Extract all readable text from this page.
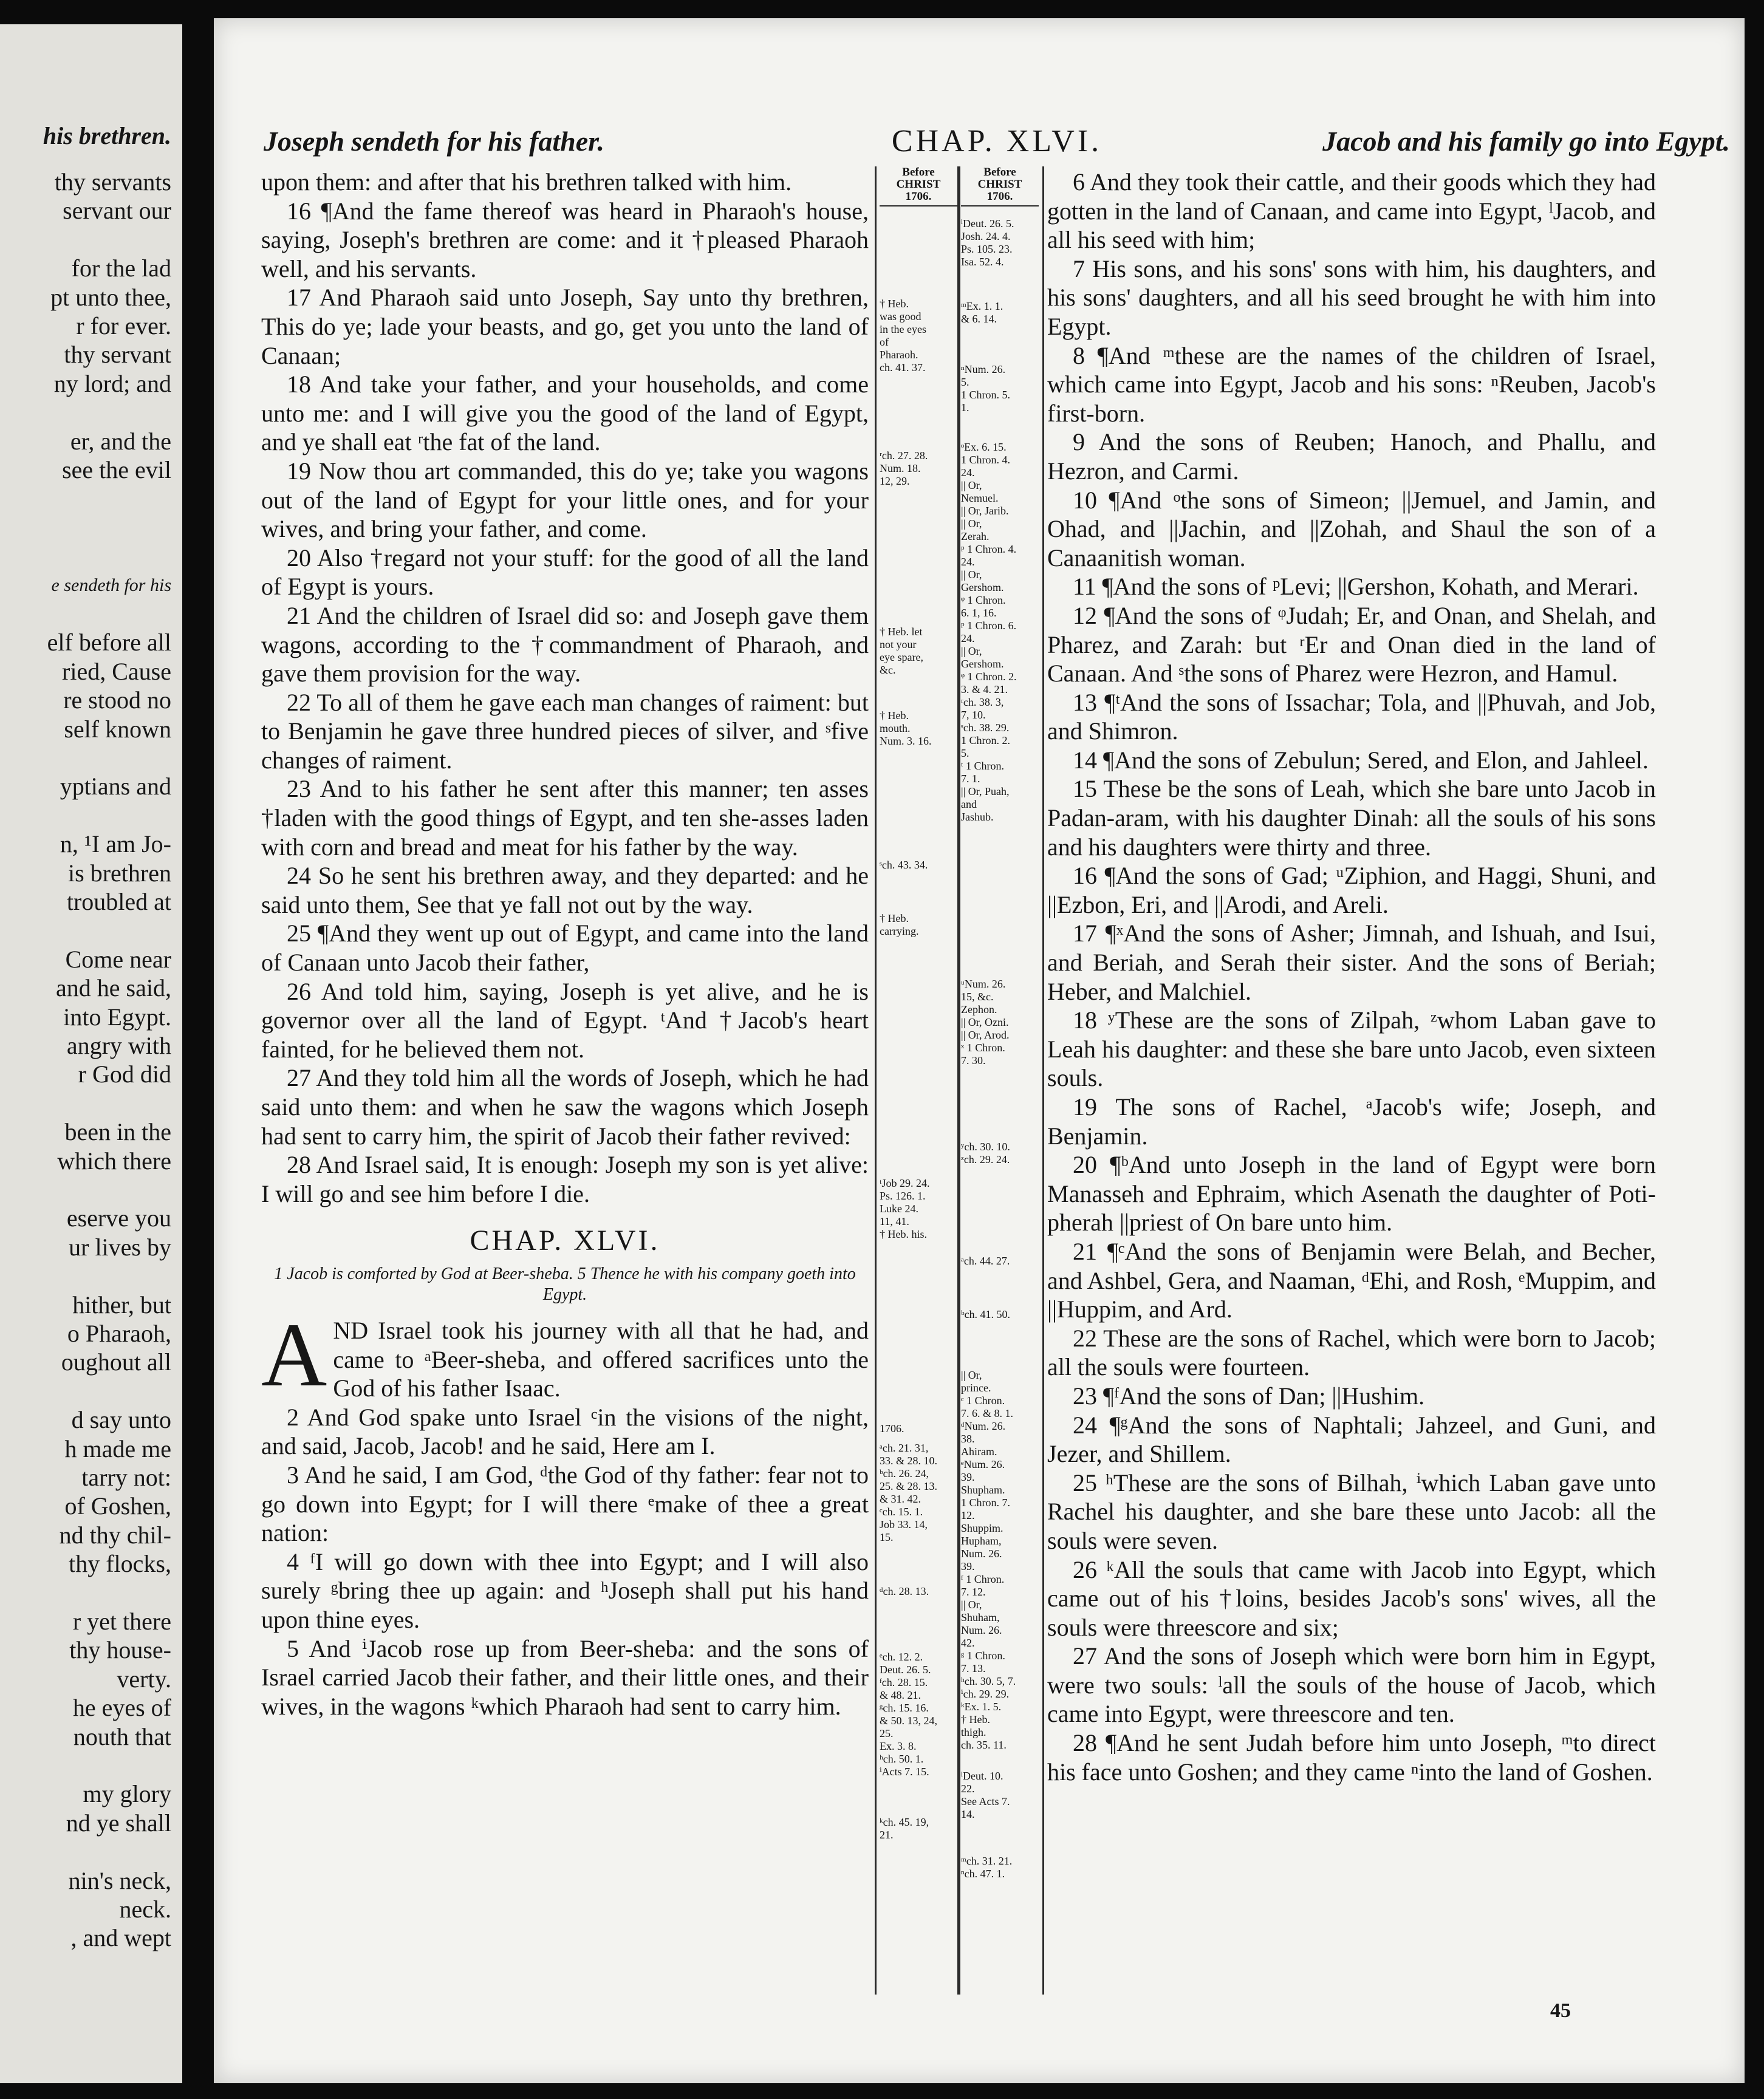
his brethren.
thy servants
servant our
for the lad
pt unto thee,
r for ever.
thy servant
ny lord; and
er, and the
see the evil
e sendeth for his
elf before all
ried, Cause
re stood no
self known
yptians and
n, ¹I am Jo-
is brethren
troubled at
Come near
and he said,
into Egypt.
angry with
r God did
been in the
which there
eserve you
ur lives by
hither, but
o Pharaoh,
oughout all
d say unto
h made me
tarry not:
of Goshen,
nd thy chil-
thy flocks,
r yet there
thy house-
verty.
he eyes of
nouth that
my glory
nd ye shall
nin's neck,
neck.
, and wept
Joseph sendeth for his father.	CHAP. XLVI.	Jacob and his family go into Egypt.

upon them: and after that his brethren talked with him.

16 ¶And the fame thereof was heard in Pharaoh's house, saying, Joseph's brethren are come: and it †pleased Pharaoh well, and his servants.

17 And Pharaoh said unto Joseph, Say unto thy brethren, This do ye; lade your beasts, and go, get you unto the land of Canaan;

18 And take your father, and your households, and come unto me: and I will give you the good of the land of Egypt, and ye shall eat ʳthe fat of the land.

19 Now thou art commanded, this do ye; take you wagons out of the land of Egypt for your little ones, and for your wives, and bring your father, and come.

20 Also †regard not your stuff: for the good of all the land of Egypt is yours.

21 And the children of Israel did so: and Joseph gave them wagons, according to the †commandment of Pharaoh, and gave them provision for the way.

22 To all of them he gave each man changes of raiment: but to Benjamin he gave three hundred pieces of silver, and ˢfive changes of raiment.

23 And to his father he sent after this manner; ten asses †laden with the good things of Egypt, and ten she-asses laden with corn and bread and meat for his father by the way.

24 So he sent his brethren away, and they departed: and he said unto them, See that ye fall not out by the way.

25 ¶And they went up out of Egypt, and came into the land of Canaan unto Jacob their father,

26 And told him, saying, Joseph is yet alive, and he is governor over all the land of Egypt. ᵗAnd †Jacob's heart fainted, for he believed them not.

27 And they told him all the words of Joseph, which he had said unto them: and when he saw the wagons which Joseph had sent to carry him, the spirit of Jacob their father revived:

28 And Israel said, It is enough: Joseph my son is yet alive: I will go and see him before I die.

CHAP. XLVI.
1 Jacob is comforted by God at Beer-sheba. 5 Thence he with his company goeth into Egypt.

AND Israel took his journey with all that he had, and came to ᵃBeer-sheba, and offered sacrifices unto the God of his father Isaac.

2 And God spake unto Israel ᶜin the visions of the night, and said, Jacob, Jacob! and he said, Here am I.

3 And he said, I am God, ᵈthe God of thy father: fear not to go down into Egypt; for I will there ᵉmake of thee a great nation:

4 ᶠI will go down with thee into Egypt; and I will also surely ᵍbring thee up again: and ʰJoseph shall put his hand upon thine eyes.

5 And ⁱJacob rose up from Beer-sheba: and the sons of Israel carried Jacob their father, and their little ones, and their wives, in the wagons ᵏwhich Pharaoh had sent to carry him.

Before CHRIST
1706.
† Heb.
was good
in the eyes
of
Pharaoh.
ch. 41. 37.
ʳch. 27. 28.
Num. 18.
12, 29.
† Heb. let
not your
eye spare,
&c.
† Heb.
mouth.
Num. 3. 16.
ˢch. 43. 34.
† Heb.
carrying.
ᵗJob 29. 24.
Ps. 126. 1.
Luke 24.
11, 41.
† Heb. his.
1706.
ᵃch. 21. 31,
33. & 28. 10.
ᵇch. 26. 24,
25. & 28. 13.
& 31. 42.
ᶜch. 15. 1.
Job 33. 14,
15.
ᵈch. 28. 13.
ᵉch. 12. 2.
Deut. 26. 5.
ᶠch. 28. 15.
& 48. 21.
ᵍch. 15. 16.
& 50. 13, 24,
25.
Ex. 3. 8.
ʰch. 50. 1.
ⁱActs 7. 15.
ᵏch. 45. 19,
21.
Before CHRIST
1706.
ˡDeut. 26. 5.
Josh. 24. 4.
Ps. 105. 23.
Isa. 52. 4.
ᵐEx. 1. 1.
& 6. 14.
ⁿNum. 26.
5.
1 Chron. 5.
1.
ᵒEx. 6. 15.
1 Chron. 4.
24.
|| Or,
Nemuel.
|| Or, Jarib.
|| Or,
Zerah.
ᵖ 1 Chron. 4.
24.
|| Or,
Gershom.
ᵠ 1 Chron.
6. 1, 16.
ᵖ 1 Chron. 6.
24.
|| Or,
Gershom.
ᵠ 1 Chron. 2.
3. & 4. 21.
ʳch. 38. 3,
7, 10.
ˢch. 38. 29.
1 Chron. 2.
5.
ᵗ 1 Chron.
7. 1.
|| Or, Puah,
and
Jashub.
ᵘNum. 26.
15, &c.
Zephon.
|| Or, Ozni.
|| Or, Arod.
ˣ 1 Chron.
7. 30.
ʸch. 30. 10.
ᶻch. 29. 24.
ᵃch. 44. 27.
ᵇch. 41. 50.
|| Or,
prince.
ᶜ 1 Chron.
7. 6. & 8. 1.
ᵈNum. 26.
38.
Ahiram.
ᵉNum. 26.
39.
Shupham.
1 Chron. 7.
12.
Shuppim.
Hupham,
Num. 26.
39.
ᶠ 1 Chron.
7. 12.
|| Or,
Shuham,
Num. 26.
42.
ᵍ 1 Chron.
7. 13.
ʰch. 30. 5, 7.
ⁱch. 29. 29.
ᵏEx. 1. 5.
† Heb.
thigh.
ch. 35. 11.
ˡDeut. 10.
22.
See Acts 7.
14.
ᵐch. 31. 21.
ⁿch. 47. 1.

6 And they took their cattle, and their goods which they had gotten in the land of Canaan, and came into Egypt, ˡJacob, and all his seed with him;

7 His sons, and his sons' sons with him, his daughters, and his sons' daughters, and all his seed brought he with him into Egypt.

8 ¶And ᵐthese are the names of the children of Israel, which came into Egypt, Jacob and his sons: ⁿReuben, Jacob's first-born.

9 And the sons of Reuben; Hanoch, and Phallu, and Hezron, and Carmi.

10 ¶And ᵒthe sons of Simeon; ||Jemuel, and Jamin, and Ohad, and ||Jachin, and ||Zohah, and Shaul the son of a Canaanitish woman.

11 ¶And the sons of ᵖLevi; ||Gershon, Kohath, and Merari.

12 ¶And the sons of ᵠJudah; Er, and Onan, and Shelah, and Pharez, and Zarah: but ʳEr and Onan died in the land of Canaan. And ˢthe sons of Pharez were Hezron, and Hamul.

13 ¶ᵗAnd the sons of Issachar; Tola, and ||Phuvah, and Job, and Shimron.

14 ¶And the sons of Zebulun; Sered, and Elon, and Jahleel.

15 These be the sons of Leah, which she bare unto Jacob in Padan-aram, with his daughter Dinah: all the souls of his sons and his daughters were thirty and three.

16 ¶And the sons of Gad; ᵘZiphion, and Haggi, Shuni, and ||Ezbon, Eri, and ||Arodi, and Areli.

17 ¶ˣAnd the sons of Asher; Jimnah, and Ishuah, and Isui, and Beriah, and Serah their sister. And the sons of Beriah; Heber, and Malchiel.

18 ʸThese are the sons of Zilpah, ᶻwhom Laban gave to Leah his daughter: and these she bare unto Jacob, even sixteen souls.

19 The sons of Rachel, ᵃJacob's wife; Joseph, and Benjamin.

20 ¶ᵇAnd unto Joseph in the land of Egypt were born Manasseh and Ephraim, which Asenath the daughter of Poti-pherah ||priest of On bare unto him.

21 ¶ᶜAnd the sons of Benjamin were Belah, and Becher, and Ashbel, Gera, and Naaman, ᵈEhi, and Rosh, ᵉMuppim, and ||Huppim, and Ard.

22 These are the sons of Rachel, which were born to Jacob; all the souls were fourteen.

23 ¶ᶠAnd the sons of Dan; ||Hushim.

24 ¶ᵍAnd the sons of Naphtali; Jahzeel, and Guni, and Jezer, and Shillem.

25 ʰThese are the sons of Bilhah, ⁱwhich Laban gave unto Rachel his daughter, and she bare these unto Jacob: all the souls were seven.

26 ᵏAll the souls that came with Jacob into Egypt, which came out of his †loins, besides Jacob's sons' wives, all the souls were threescore and six;

27 And the sons of Joseph which were born him in Egypt, were two souls: ˡall the souls of the house of Jacob, which came into Egypt, were threescore and ten.

28 ¶And he sent Judah before him unto Joseph, ᵐto direct his face unto Goshen; and they came ⁿinto the land of Goshen.

45
